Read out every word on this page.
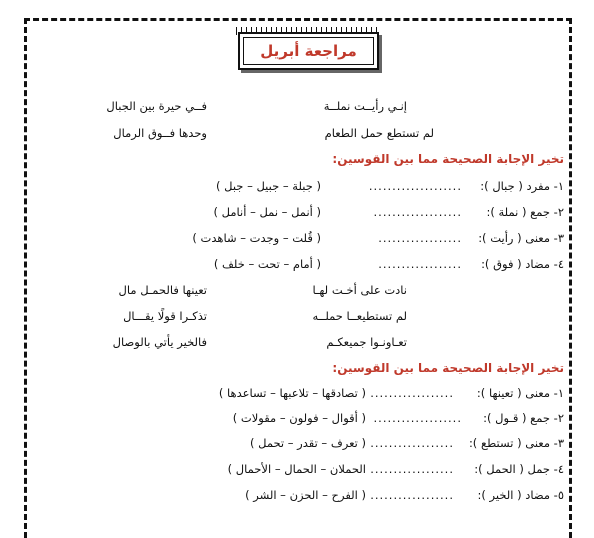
مراجعة أبريل
إنـي رأيــت نملــة
فــي حيرة بين الجبال
لم تستطع حمل الطعام
وحدها فــوق الرمال
تخير الإجابة الصحيحة مما بين القوسين:
١- مفرد ( جبال ):
....................
( جبلة – جبيل – جبل )
٢- جمع ( نملة ):
...................
( أنمل – نمل – أنامل )
٣- معنى ( رأيت ):
..................
( قُلت – وجدت – شاهدت )
٤- مضاد ( فوق ):
..................
( أمام – تحت – خلف )
نادت على أخـت لهـا
تعينها فالحمـل مال
لم تستطيعــا حملــه
تذكـرا قولًا يقـــال
تعـاونـوا جميعكـم
فالخير يأتي بالوصال
تخير الإجابة الصحيحة مما بين القوسين:
١- معنى ( تعينها ):
..................
( تصادقها – تلاعبها – تساعدها )
٢- جمع ( قـول ):
...................
( أقوال – فولون – مقولات )
٣- معنى ( تستطع ):
..................
( تعرف – تقدر – تحمل )
٤- جمل ( الحمل ):
..................
الحملان – الحمال – الأحمال )
٥- مضاد ( الخير ):
..................
( الفرح – الحزن – الشر )
